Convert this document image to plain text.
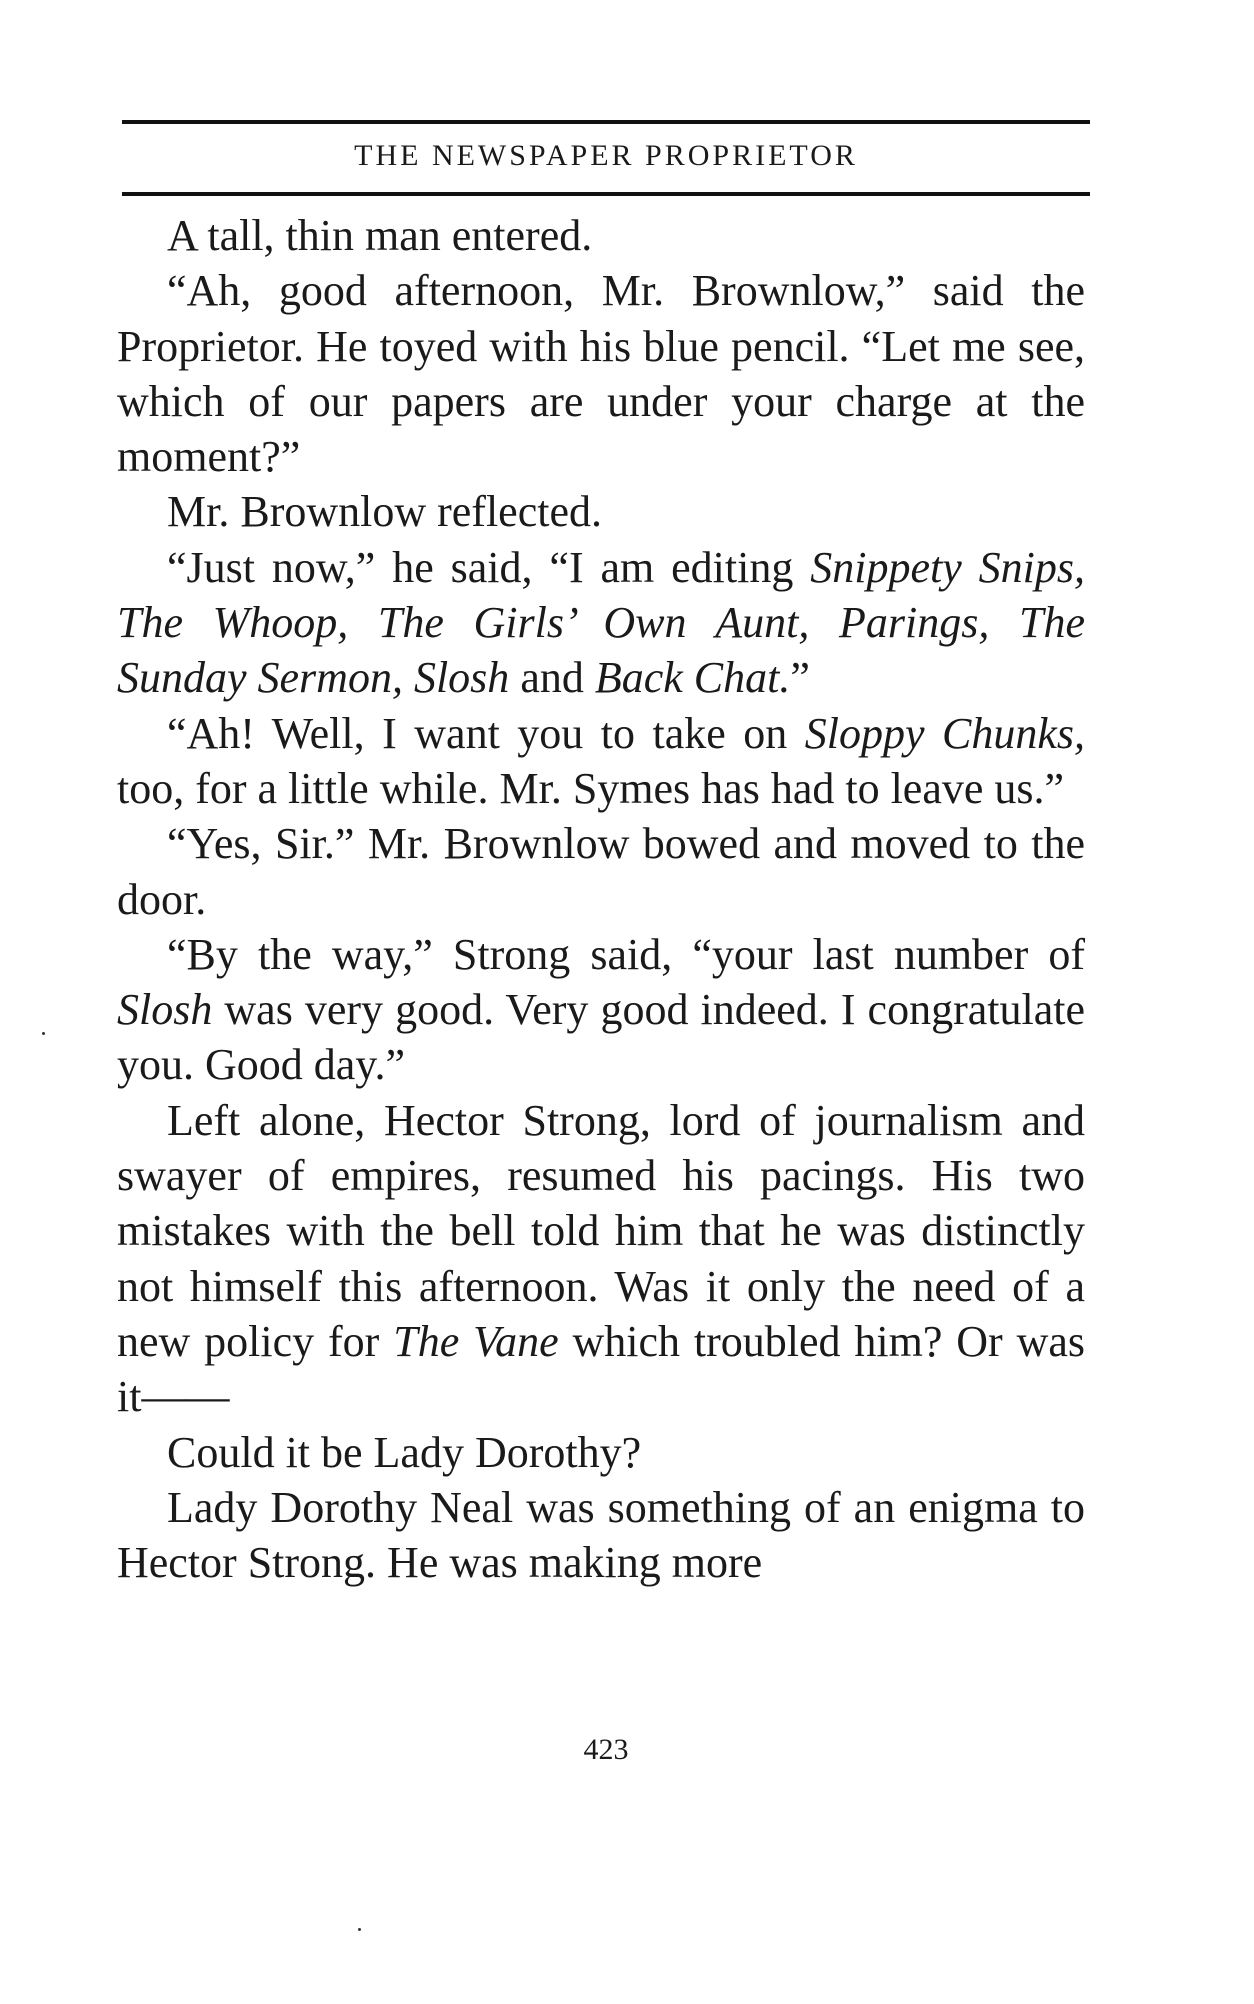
THE NEWSPAPER PROPRIETOR

A tall, thin man entered.

“Ah, good afternoon, Mr. Brownlow,” said the Proprietor. He toyed with his blue pencil. “Let me see, which of our papers are under your charge at the moment?”

Mr. Brownlow reflected.

“Just now,” he said, “I am editing Snippety Snips, The Whoop, The Girls’ Own Aunt, Parings, The Sunday Sermon, Slosh and Back Chat.”

“Ah! Well, I want you to take on Sloppy Chunks, too, for a little while. Mr. Symes has had to leave us.”

“Yes, Sir.” Mr. Brownlow bowed and moved to the door.

“By the way,” Strong said, “your last number of Slosh was very good. Very good indeed. I congratulate you. Good day.”

Left alone, Hector Strong, lord of journalism and swayer of empires, resumed his pacings. His two mistakes with the bell told him that he was distinctly not himself this afternoon. Was it only the need of a new policy for The Vane which troubled him? Or was it——

Could it be Lady Dorothy?

Lady Dorothy Neal was something of an enigma to Hector Strong. He was making more

423
